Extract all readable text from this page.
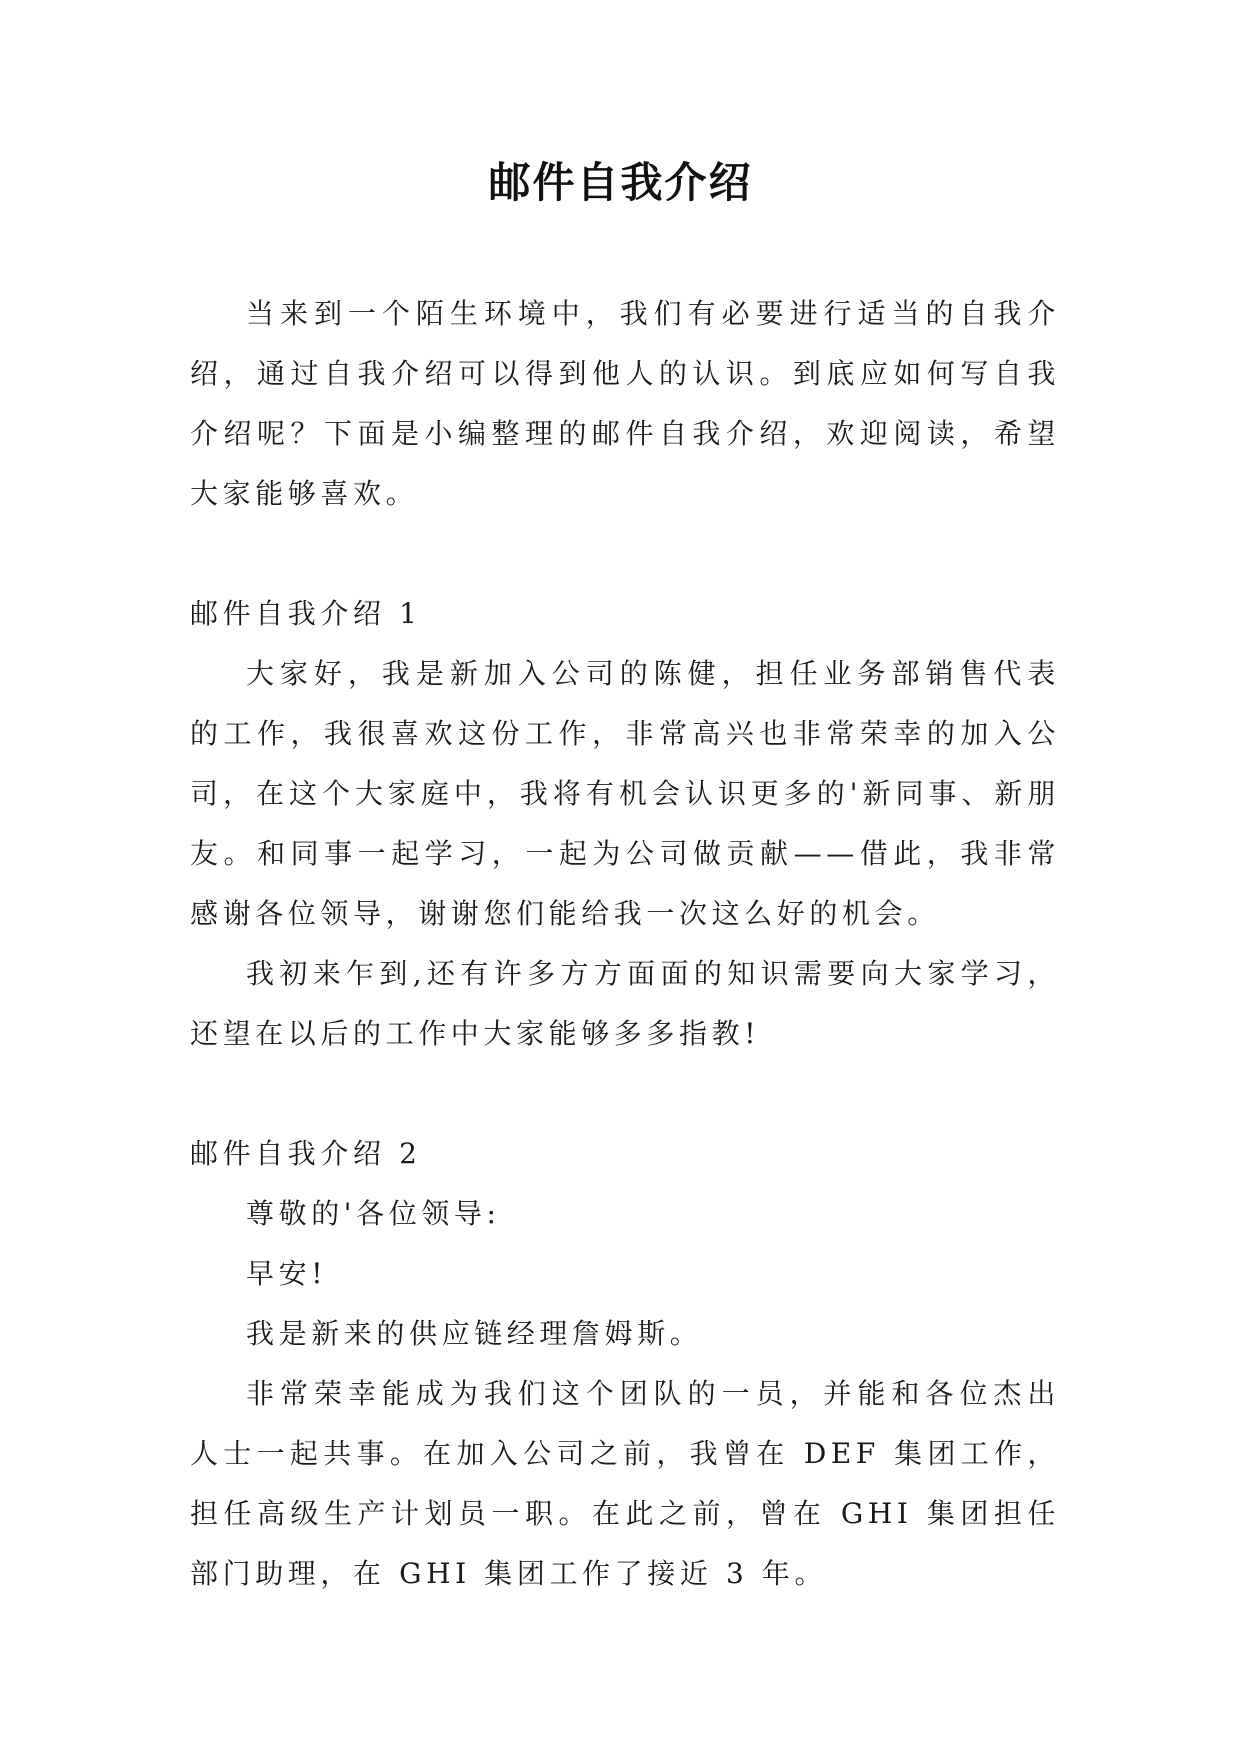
邮件自我介绍

当来到一个陌生环境中，我们有必要进行适当的自我介绍，通过自我介绍可以得到他人的认识。到底应如何写自我介绍呢？下面是小编整理的邮件自我介绍，欢迎阅读，希望大家能够喜欢。

邮件自我介绍 1

大家好，我是新加入公司的陈健，担任业务部销售代表的工作，我很喜欢这份工作，非常高兴也非常荣幸的加入公司，在这个大家庭中，我将有机会认识更多的'新同事、新朋友。和同事一起学习，一起为公司做贡献——借此，我非常感谢各位领导，谢谢您们能给我一次这么好的机会。

我初来乍到,还有许多方方面面的知识需要向大家学习，还望在以后的工作中大家能够多多指教!

邮件自我介绍 2

尊敬的'各位领导:

早安!

我是新来的供应链经理詹姆斯。

非常荣幸能成为我们这个团队的一员，并能和各位杰出人士一起共事。在加入公司之前，我曾在 DEF 集团工作，担任高级生产计划员一职。在此之前，曾在 GHI 集团担任部门助理，在 GHI 集团工作了接近 3 年。
